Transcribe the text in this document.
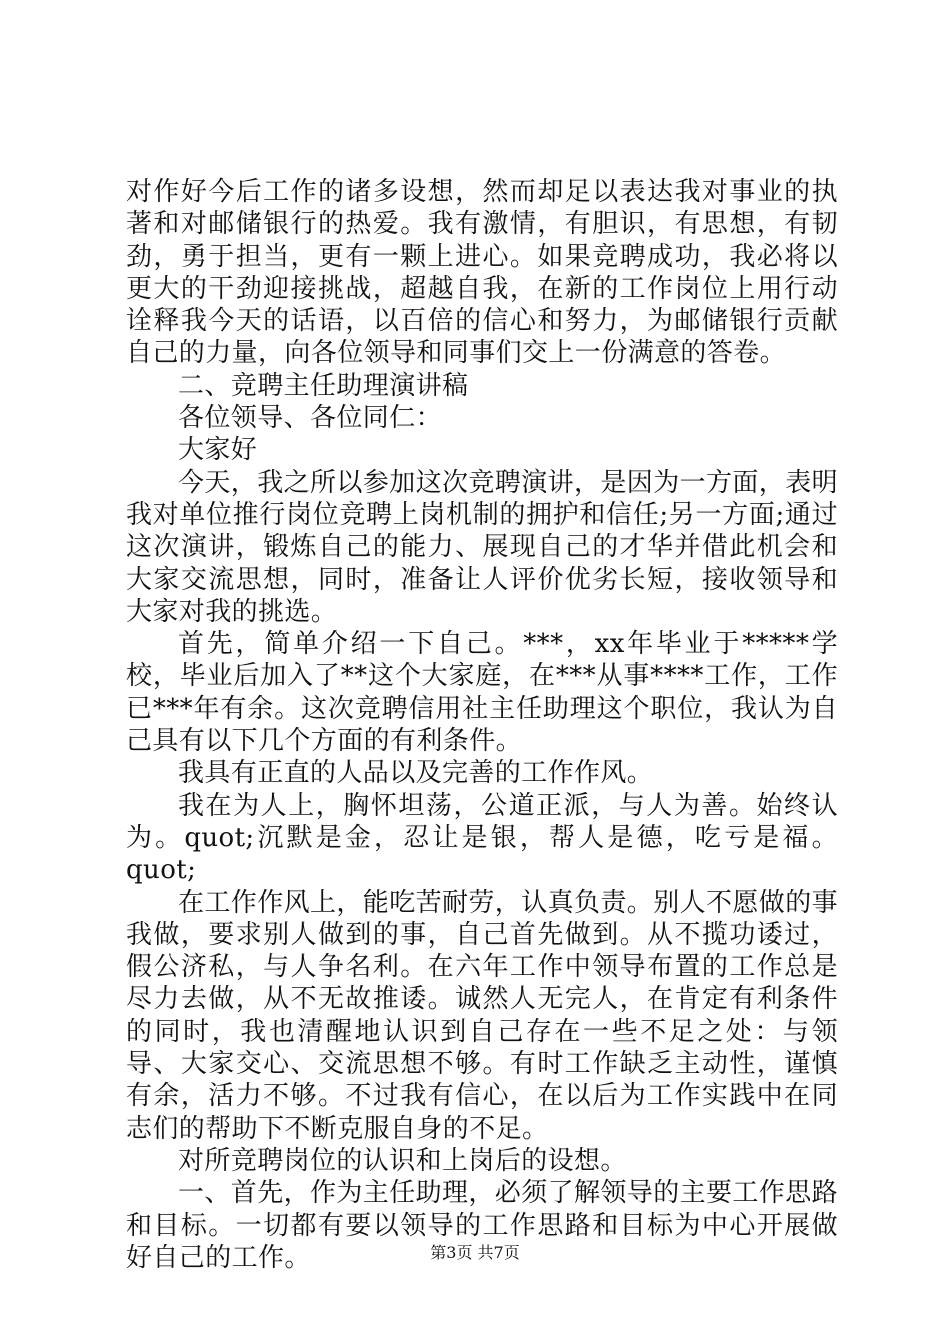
对作好今后工作的诸多设想，然而却足以表达我对事业的执著和对邮储银行的热爱。我有激情，有胆识，有思想，有韧劲，勇于担当，更有一颗上进心。如果竞聘成功，我必将以更大的干劲迎接挑战，超越自我，在新的工作岗位上用行动诠释我今天的话语，以百倍的信心和努力，为邮储银行贡献自己的力量，向各位领导和同事们交上一份满意的答卷。

二、竞聘主任助理演讲稿

各位领导、各位同仁：

大家好

今天，我之所以参加这次竞聘演讲，是因为一方面，表明我对单位推行岗位竞聘上岗机制的拥护和信任;另一方面;通过这次演讲，锻炼自己的能力、展现自己的才华并借此机会和大家交流思想，同时，准备让人评价优劣长短，接收领导和大家对我的挑选。

首先，简单介绍一下自己。***，xx年毕业于*****学校，毕业后加入了**这个大家庭，在***从事****工作，工作已***年有余。这次竞聘信用社主任助理这个职位，我认为自己具有以下几个方面的有利条件。

我具有正直的人品以及完善的工作作风。

我在为人上，胸怀坦荡，公道正派，与人为善。始终认为。quot;沉默是金，忍让是银，帮人是德，吃亏是福。quot;

在工作作风上，能吃苦耐劳，认真负责。别人不愿做的事我做，要求别人做到的事，自己首先做到。从不揽功诿过，假公济私，与人争名利。在六年工作中领导布置的工作总是尽力去做，从不无故推诿。诚然人无完人，在肯定有利条件的同时，我也清醒地认识到自己存在一些不足之处：与领导、大家交心、交流思想不够。有时工作缺乏主动性，谨慎有余，活力不够。不过我有信心，在以后为工作实践中在同志们的帮助下不断克服自身的不足。

对所竞聘岗位的认识和上岗后的设想。

一、首先，作为主任助理，必须了解领导的主要工作思路和目标。一切都有要以领导的工作思路和目标为中心开展做好自己的工作。	第3页 共7页
